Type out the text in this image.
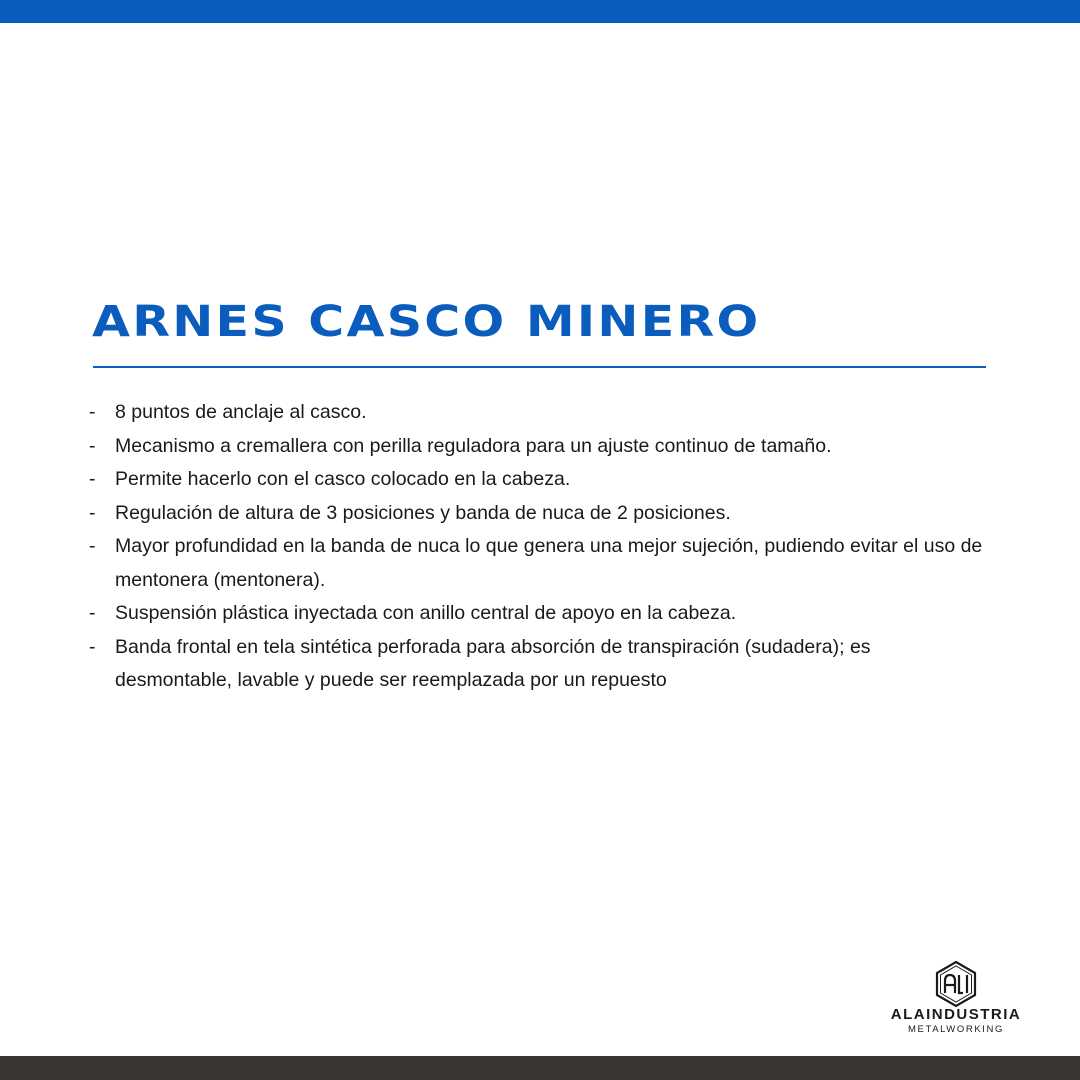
ARNES CASCO MINERO
- 8 puntos de anclaje al casco.
- Mecanismo a cremallera con perilla reguladora para un ajuste continuo de tamaño.
- Permite hacerlo con el casco colocado en la cabeza.
- Regulación de altura de 3 posiciones y banda de nuca de 2 posiciones.
- Mayor profundidad en la banda de nuca lo que genera una mejor sujeción, pudiendo evitar el uso de mentonera (mentonera).
- Suspensión plástica inyectada con anillo central de apoyo en la cabeza.
- Banda frontal en tela sintética perforada para absorción de transpiración (sudadera); es desmontable, lavable y puede ser reemplazada por un repuesto
ALAINDUSTRIA
METALWORKING
